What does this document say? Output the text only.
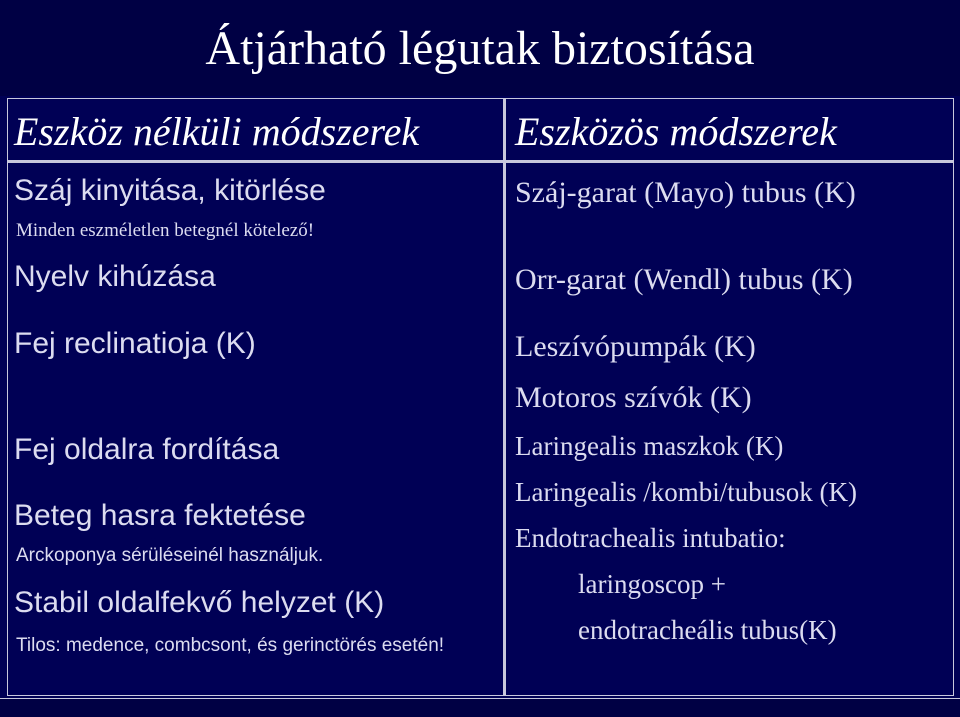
Átjárható légutak biztosítása
Eszköz nélküli módszerek
Száj kinyitása, kitörlése
Minden eszméletlen betegnél kötelező!
Nyelv kihúzása
Fej reclinatioja (K)
Fej oldalra fordítása
Beteg hasra fektetése
Arckoponya sérüléseinél használjuk.
Stabil oldalfekvő helyzet (K)
Tilos: medence, combcsont, és gerinctörés esetén!
Eszközös módszerek
Száj-garat (Mayo) tubus (K)
Orr-garat (Wendl) tubus (K)
Leszívópumpák (K)
Motoros szívók (K)
Laringealis maszkok (K)
Laringealis /kombi/tubusok (K)
Endotrachealis intubatio:
laringoscop +
endotracheális tubus(K)
